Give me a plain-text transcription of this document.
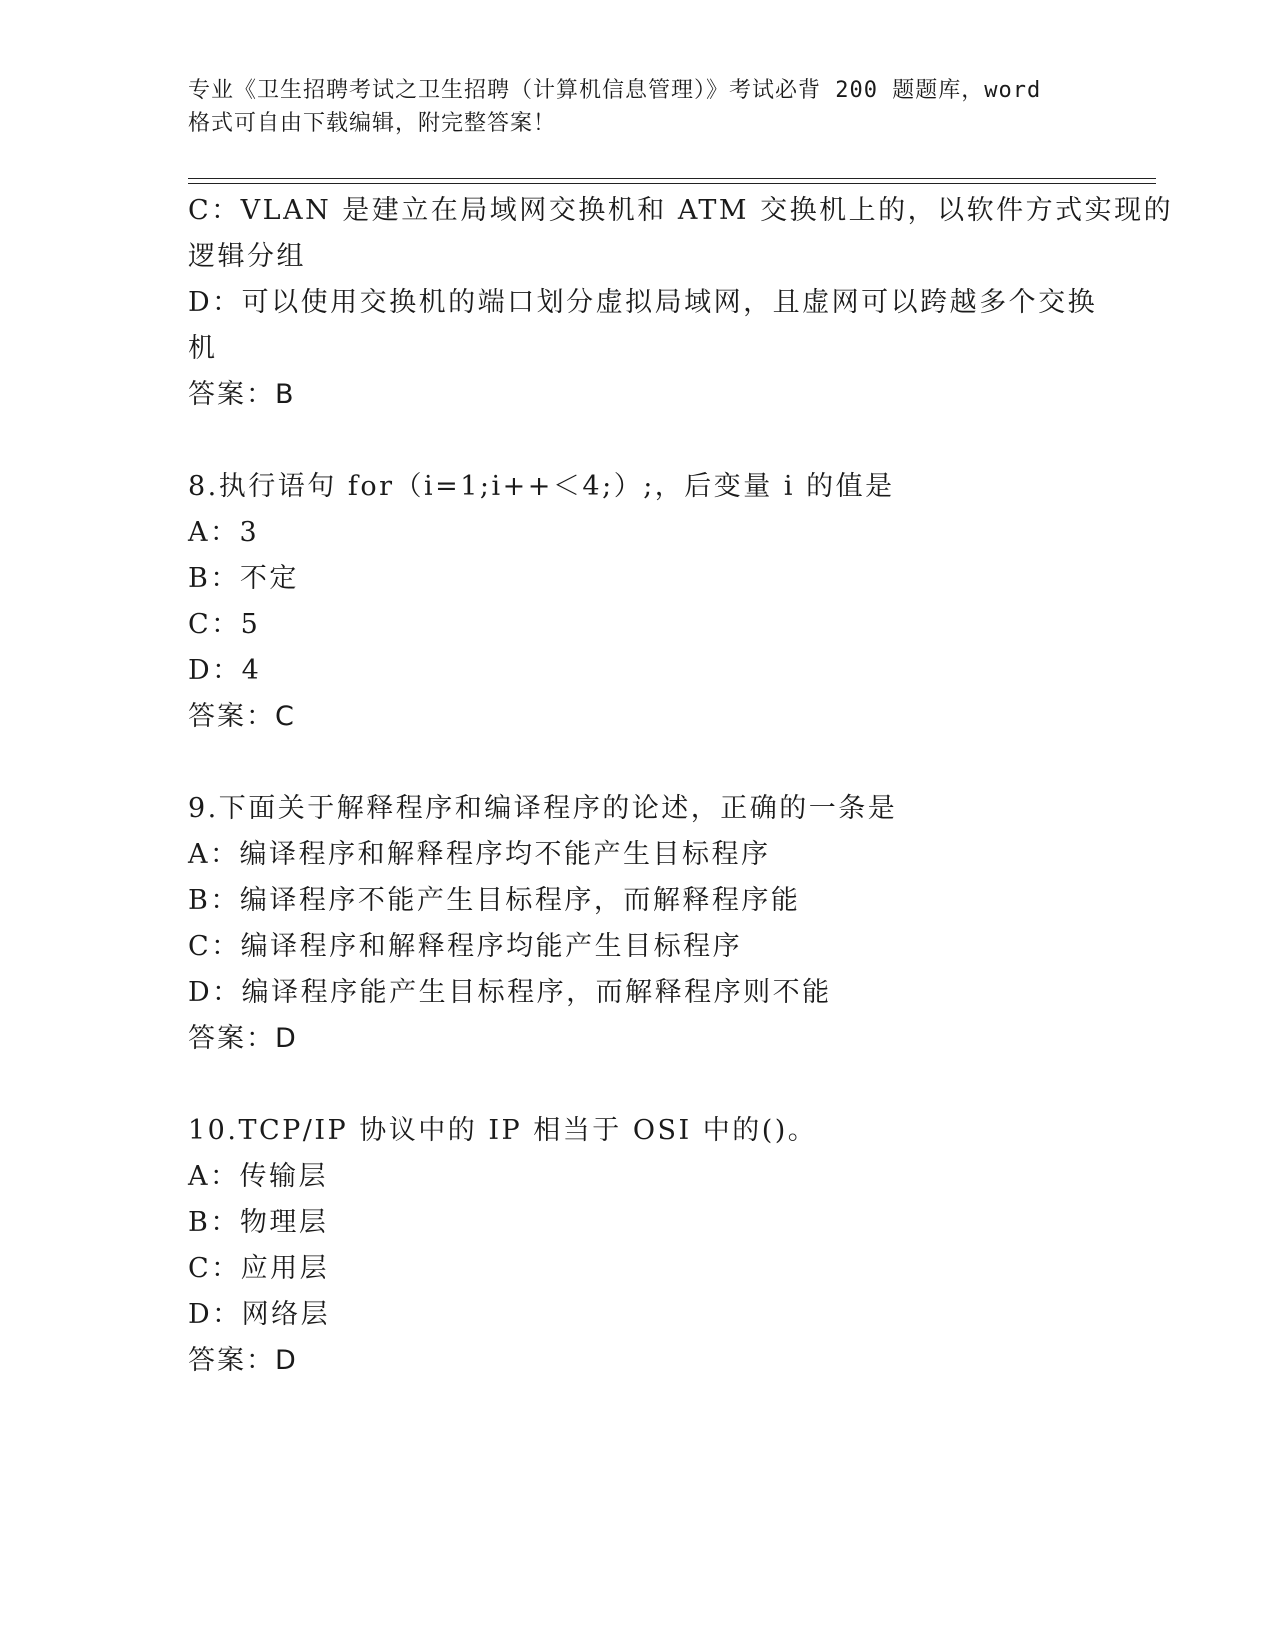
专业《卫生招聘考试之卫生招聘（计算机信息管理）》考试必背 200 题题库，word
格式可自由下载编辑，附完整答案！
C：VLAN 是建立在局域网交换机和 ATM 交换机上的，以软件方式实现的
逻辑分组
D：可以使用交换机的端口划分虚拟局域网，且虚网可以跨越多个交换
机
答案：B
8.执行语句 for（i=1;i++＜4;）;，后变量 i 的值是
A：3
B：不定
C：5
D：4
答案：C
9.下面关于解释程序和编译程序的论述，正确的一条是
A：编译程序和解释程序均不能产生目标程序
B：编译程序不能产生目标程序，而解释程序能
C：编译程序和解释程序均能产生目标程序
D：编译程序能产生目标程序，而解释程序则不能
答案：D
10.TCP/IP 协议中的 IP 相当于 OSI 中的()。
A：传输层
B：物理层
C：应用层
D：网络层
答案：D
